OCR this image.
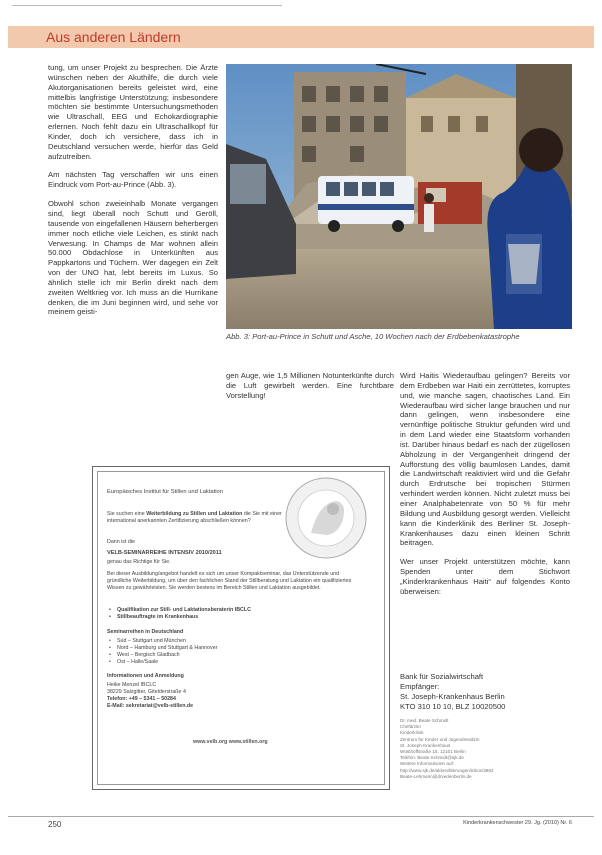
Aus anderen Ländern

tung, um unser Projekt zu besprechen. Die Ärzte wünschen neben der Akuthilfe, die durch viele Akutorganisationen bereits geleistet wird, eine mittelbis langfristige Unterstützung; insbesondere möchten sie bestimmte Untersuchungsmethoden wie Ultraschall, EEG und Echokardiographie erlernen. Noch fehlt dazu ein Ultraschallkopf für Kinder, doch ich versichere, dass ich in Deutschland versuchen werde, hierfür das Geld aufzutreiben.

Am nächsten Tag verschaffen wir uns einen Eindruck vom Port-au-Prince (Abb. 3).

Obwohl schon zweieinhalb Monate vergangen sind, liegt überall noch Schutt und Geröll, tausende von eingefallenen Häusern beherbergen immer noch etliche viele Leichen, es stinkt nach Verwesung. In Champs de Mar wohnen allein 50.000 Obdachlose in Unterkünften aus Pappkartons und Tüchern. Wer dagegen ein Zelt von der UNO hat, lebt bereits im Luxus. So ähnlich stelle ich mir Berlin direkt nach dem zweiten Weltkrieg vor. Ich muss an die Hurrikane denken, die im Juni beginnen wird, und sehe vor meinem geisti-

Abb. 3: Port-au-Prince in Schutt und Asche, 10 Wochen nach der Erdbebenkatastrophe

gen Auge, wie 1,5 Millionen Notunterkünfte durch die Luft gewirbelt werden. Eine furchtbare Vorstellung!

Europäisches Institut für Stillen und Laktation
Sie suchen eine Weiterbildung zu Stillen und Laktation die Sie mit einer international anerkannten Zertifizierung abschließen können?
Dann ist die
VELB-SEMINARREIHE INTENSIV 2010/2011
genau das Richtige für Sie.
Bei dieser Ausbildung/angebot handelt es sich um unser Kompaktseminar, das Unterstützende und gründliche Weiterbildung, um über den fachlichen Stand der Stillberatung und Laktation ein qualifiziertes Wissen zu gewährleisten. Sie werden bestens im Bereich Stillen und Laktation ausgebildet.
• Qualifikation zur Still- und Laktationsberaterin IBCLC
• Stillbeauftragte im Krankenhaus
Seminarreihen in Deutschland
• Süd – Stuttgart und München
• Nord – Hamburg und Stuttgart & Hannover
• West – Bergisch Gladbach
• Ost – Halle/Saale
Informationen und Anmeldung
Heike Menzel IBCLC
38229 Salzgitter, Gitelderstraße 4
Telefon: +49 – 5341 – 50284
E-Mail: sekretariat@velb-stillen.de
www.velb.org www.stillen.org

Wird Haitis Wiederaufbau gelingen? Bereits vor dem Erdbeben war Haiti ein zerrüttetes, korruptes und, wie manche sagen, chaotisches Land. Ein Wiederaufbau wird sicher lange brauchen und nur dann gelingen, wenn insbesondere eine vernünftige politische Struktur gefunden wird und in dem Land wieder eine Staatsform vorhanden ist. Darüber hinaus bedarf es nach der zügellosen Abholzung in der Vergangenheit dringend der Aufforstung des völlig baumlosen Landes, damit die Landwirtschaft reaktiviert wird und die Gefahr durch Erdrutsche bei tropischen Stürmen verhindert werden können. Nicht zuletzt muss bei einer Analphabetenrate von 50 % für mehr Bildung und Ausbildung gesorgt werden. Vielleicht kann die Kinderklinik des Berliner St. Joseph-Krankenhauses dazu einen kleinen Schritt beitragen.

Wer unser Projekt unterstützen möchte, kann Spenden unter dem Stichwort „Kinderkrankenhaus Haiti“ auf folgendes Konto überweisen:

Bank für Sozialwirtschaft
Empfänger:
St. Joseph-Krankenhaus Berlin
KTO 310 10 10, BLZ 10020500
Dr. med. Beate Schmidt
Chefärztin
Kinderklinik
Zentrum für Kinder und Jugendmedizin
St. Joseph-Krankenhaus
Wüsthoffstraße 15, 12101 Berlin
Telefon: Beate.Schmidt@sjk.de
Weitere Informationen auf:
http://www.sjk.de/akkreditierungen/inbox/3882
Beate-Lehmann@drvedenberlin.de
250	Kinderkrankenschwester 29. Jg. (2010) Nr. 6
